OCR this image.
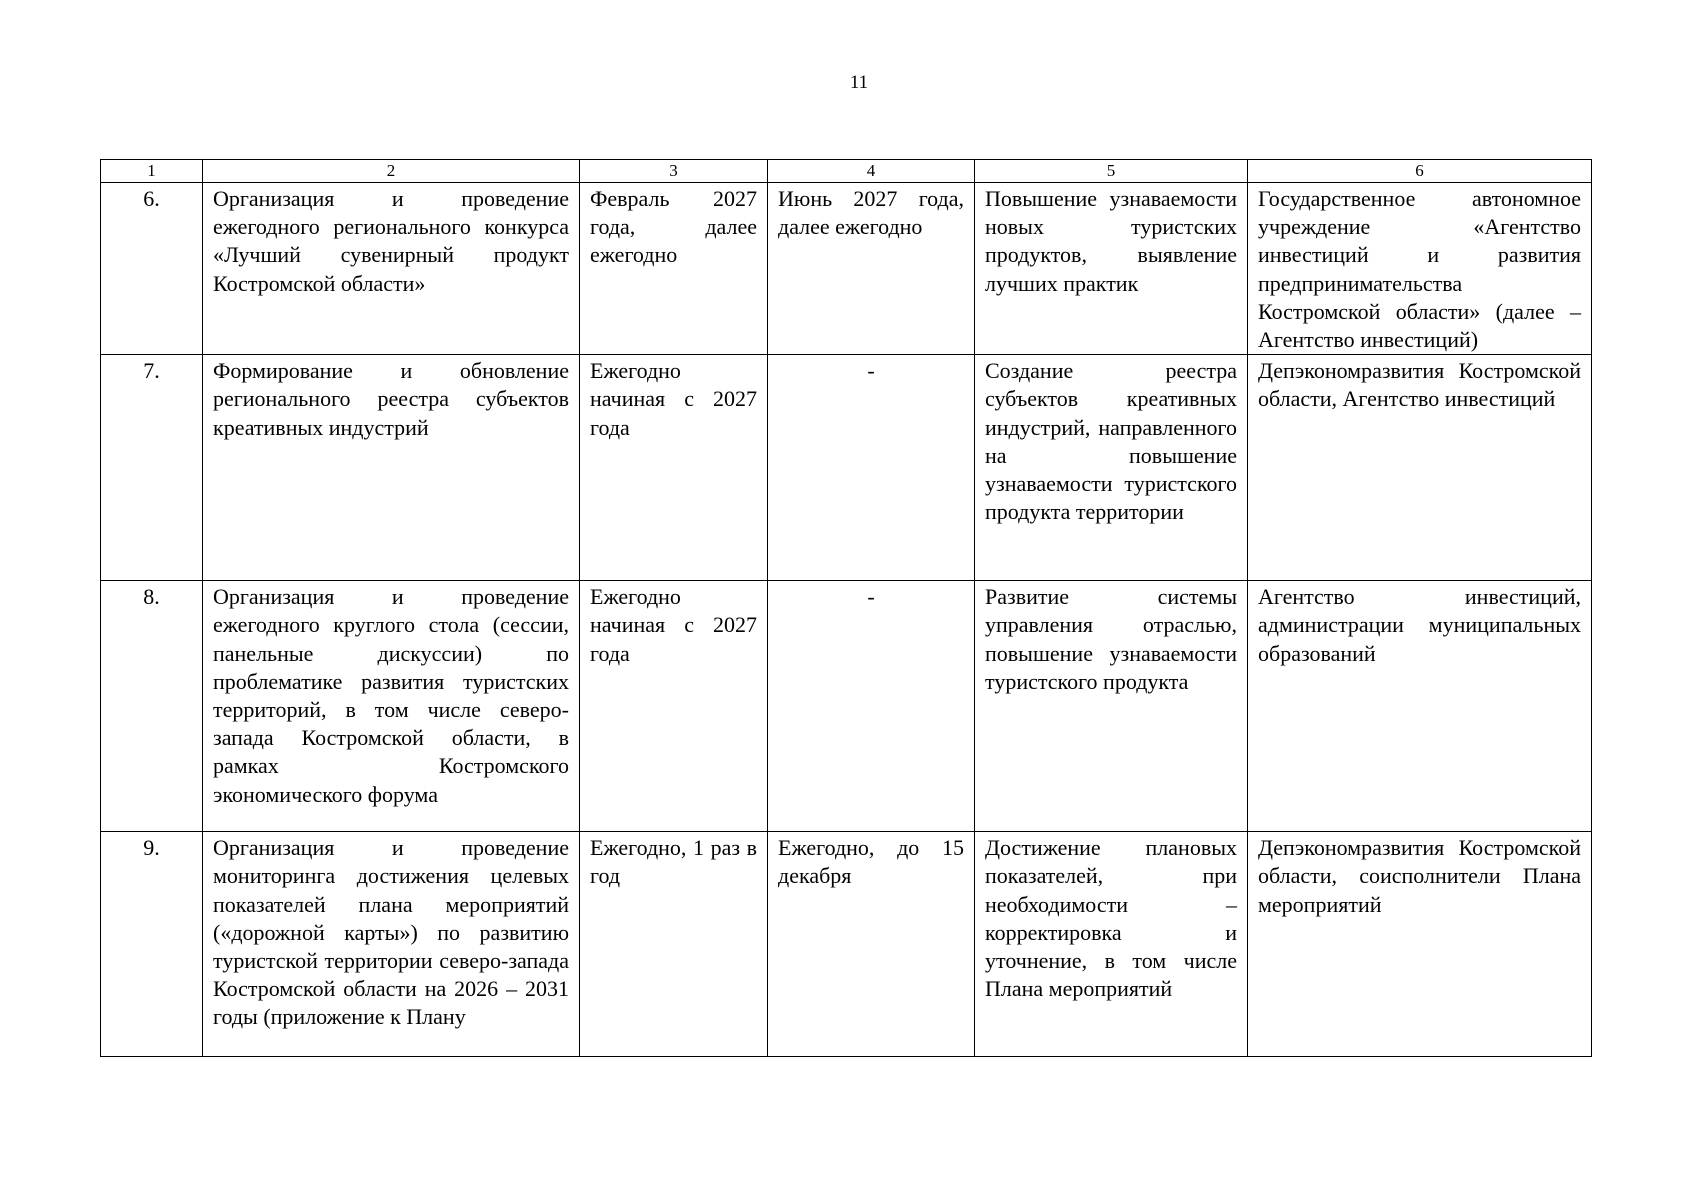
11
1	2	3	4	5	6
6.	Организация и проведение ежегодного регионального конкурса «Лучший сувенирный продукт Костромской области»	Февраль 2027 года, далее ежегодно	Июнь 2027 года, далее ежегодно	Повышение узнаваемости новых туристских продуктов, выявление лучших практик	Государственное автономное учреждение «Агентство инвестиций и развития предпринимательства Костромской области» (далее – Агентство инвестиций)
7.	Формирование и обновление регионального реестра субъектов креативных индустрий	Ежегодно начиная с 2027 года	-	Создание реестра субъектов креативных индустрий, направленного на повышение узнаваемости туристского продукта территории	Депэкономразвития Костромской области, Агентство инвестиций
8.	Организация и проведение ежегодного круглого стола (сессии, панельные дискуссии) по проблематике развития туристских территорий, в том числе северо-запада Костромской области, в рамках Костромского экономического форума	Ежегодно начиная с 2027 года	-	Развитие системы управления отраслью, повышение узнаваемости туристского продукта	Агентство инвестиций, администрации муниципальных образований
9.	Организация и проведение мониторинга достижения целевых показателей плана мероприятий («дорожной карты») по развитию туристской территории северо-запада Костромской области на 2026 – 2031 годы (приложение к Плану	Ежегодно, 1 раз в год	Ежегодно, до 15 декабря	Достижение плановых показателей, при необходимости – корректировка и уточнение, в том числе Плана мероприятий	Депэкономразвития Костромской области, соисполнители Плана мероприятий
